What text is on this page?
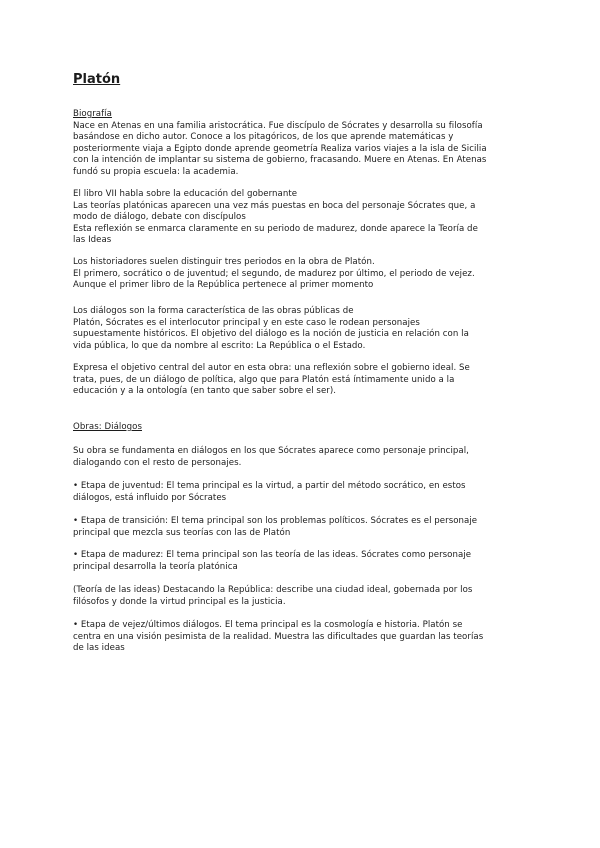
Platón
Biografía
Nace en Atenas en una familia aristocrática. Fue discípulo de Sócrates y desarrolla su filosofía
basándose en dicho autor. Conoce a los pitagóricos, de los que aprende matemáticas y
posteriormente viaja a Egipto donde aprende geometría Realiza varios viajes a la isla de Sicilia
con la intención de implantar su sistema de gobierno, fracasando. Muere en Atenas. En Atenas
fundó su propia escuela: la academia.
El libro VII habla sobre la educación del gobernante
Las teorías platónicas aparecen una vez más puestas en boca del personaje Sócrates que, a
modo de diálogo, debate con discípulos
Esta reflexión se enmarca claramente en su periodo de madurez, donde aparece la Teoría de
las Ideas
Los historiadores suelen distinguir tres periodos en la obra de Platón.
El primero, socrático o de juventud; el segundo, de madurez por último, el periodo de vejez.
Aunque el primer libro de la República pertenece al primer momento
Los diálogos son la forma característica de las obras públicas de
Platón, Sócrates es el interlocutor principal y en este caso le rodean personajes
supuestamente históricos. El objetivo del diálogo es la noción de justicia en relación con la
vida pública, lo que da nombre al escrito: La República o el Estado.
Expresa el objetivo central del autor en esta obra: una reflexión sobre el gobierno ideal. Se
trata, pues, de un diálogo de política, algo que para Platón está íntimamente unido a la
educación y a la ontología (en tanto que saber sobre el ser).
Obras: Diálogos
Su obra se fundamenta en diálogos en los que Sócrates aparece como personaje principal,
dialogando con el resto de personajes.
• Etapa de juventud: El tema principal es la virtud, a partir del método socrático, en estos
diálogos, está influido por Sócrates
• Etapa de transición: El tema principal son los problemas políticos. Sócrates es el personaje
principal que mezcla sus teorías con las de Platón
• Etapa de madurez: El tema principal son las teoría de las ideas. Sócrates como personaje
principal desarrolla la teoría platónica
(Teoría de las ideas) Destacando la República: describe una ciudad ideal, gobernada por los
filósofos y donde la virtud principal es la justicia.
• Etapa de vejez/últimos diálogos. El tema principal es la cosmología e historia. Platón se
centra en una visión pesimista de la realidad. Muestra las dificultades que guardan las teorías
de las ideas
